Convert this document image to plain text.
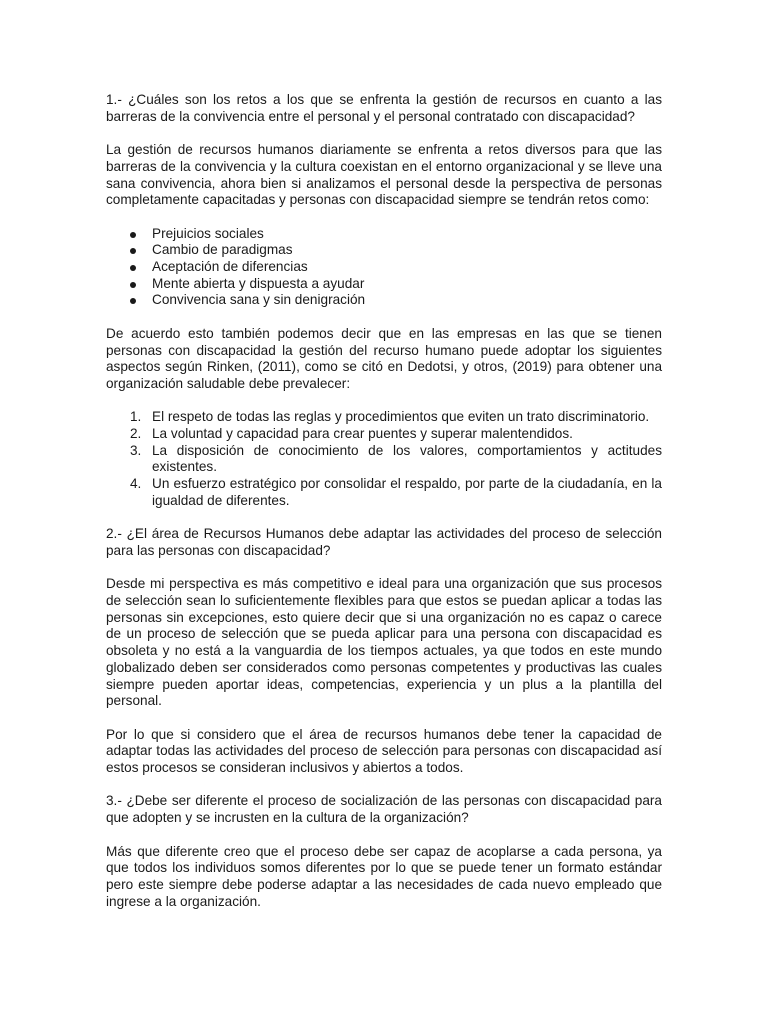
1.- ¿Cuáles son los retos a los que se enfrenta la gestión de recursos en cuanto a las barreras de la convivencia entre el personal y el personal contratado con discapacidad?

La gestión de recursos humanos diariamente se enfrenta a retos diversos para que las barreras de la convivencia y la cultura coexistan en el entorno organizacional y se lleve una sana convivencia, ahora bien si analizamos el personal desde la perspectiva de personas completamente capacitadas y personas con discapacidad siempre se tendrán retos como:

Prejuicios sociales
Cambio de paradigmas
Aceptación de diferencias
Mente abierta y dispuesta a ayudar
Convivencia sana y sin denigración

De acuerdo esto también podemos decir que en las empresas en las que se tienen personas con discapacidad la gestión del recurso humano puede adoptar los siguientes aspectos según Rinken, (2011), como se citó en Dedotsi, y otros, (2019) para obtener una organización saludable debe prevalecer:

1. El respeto de todas las reglas y procedimientos que eviten un trato discriminatorio.
2. La voluntad y capacidad para crear puentes y superar malentendidos.
3. La disposición de conocimiento de los valores, comportamientos y actitudes existentes.
4. Un esfuerzo estratégico por consolidar el respaldo, por parte de la ciudadanía, en la igualdad de diferentes.

2.- ¿El área de Recursos Humanos debe adaptar las actividades del proceso de selección para las personas con discapacidad?

Desde mi perspectiva es más competitivo e ideal para una organización que sus procesos de selección sean lo suficientemente flexibles para que estos se puedan aplicar a todas las personas sin excepciones, esto quiere decir que si una organización no es capaz o carece de un proceso de selección que se pueda aplicar para una persona con discapacidad es obsoleta y no está a la vanguardia de los tiempos actuales, ya que todos en este mundo globalizado deben ser considerados como personas competentes y productivas las cuales siempre pueden aportar ideas, competencias, experiencia y un plus a la plantilla del personal.

Por lo que si considero que el área de recursos humanos debe tener la capacidad de adaptar todas las actividades del proceso de selección para personas con discapacidad así estos procesos se consideran inclusivos y abiertos a todos.

3.- ¿Debe ser diferente el proceso de socialización de las personas con discapacidad para que adopten y se incrusten en la cultura de la organización?

Más que diferente creo que el proceso debe ser capaz de acoplarse a cada persona, ya que todos los individuos somos diferentes por lo que se puede tener un formato estándar pero este siempre debe poderse adaptar a las necesidades de cada nuevo empleado que ingrese a la organización.
